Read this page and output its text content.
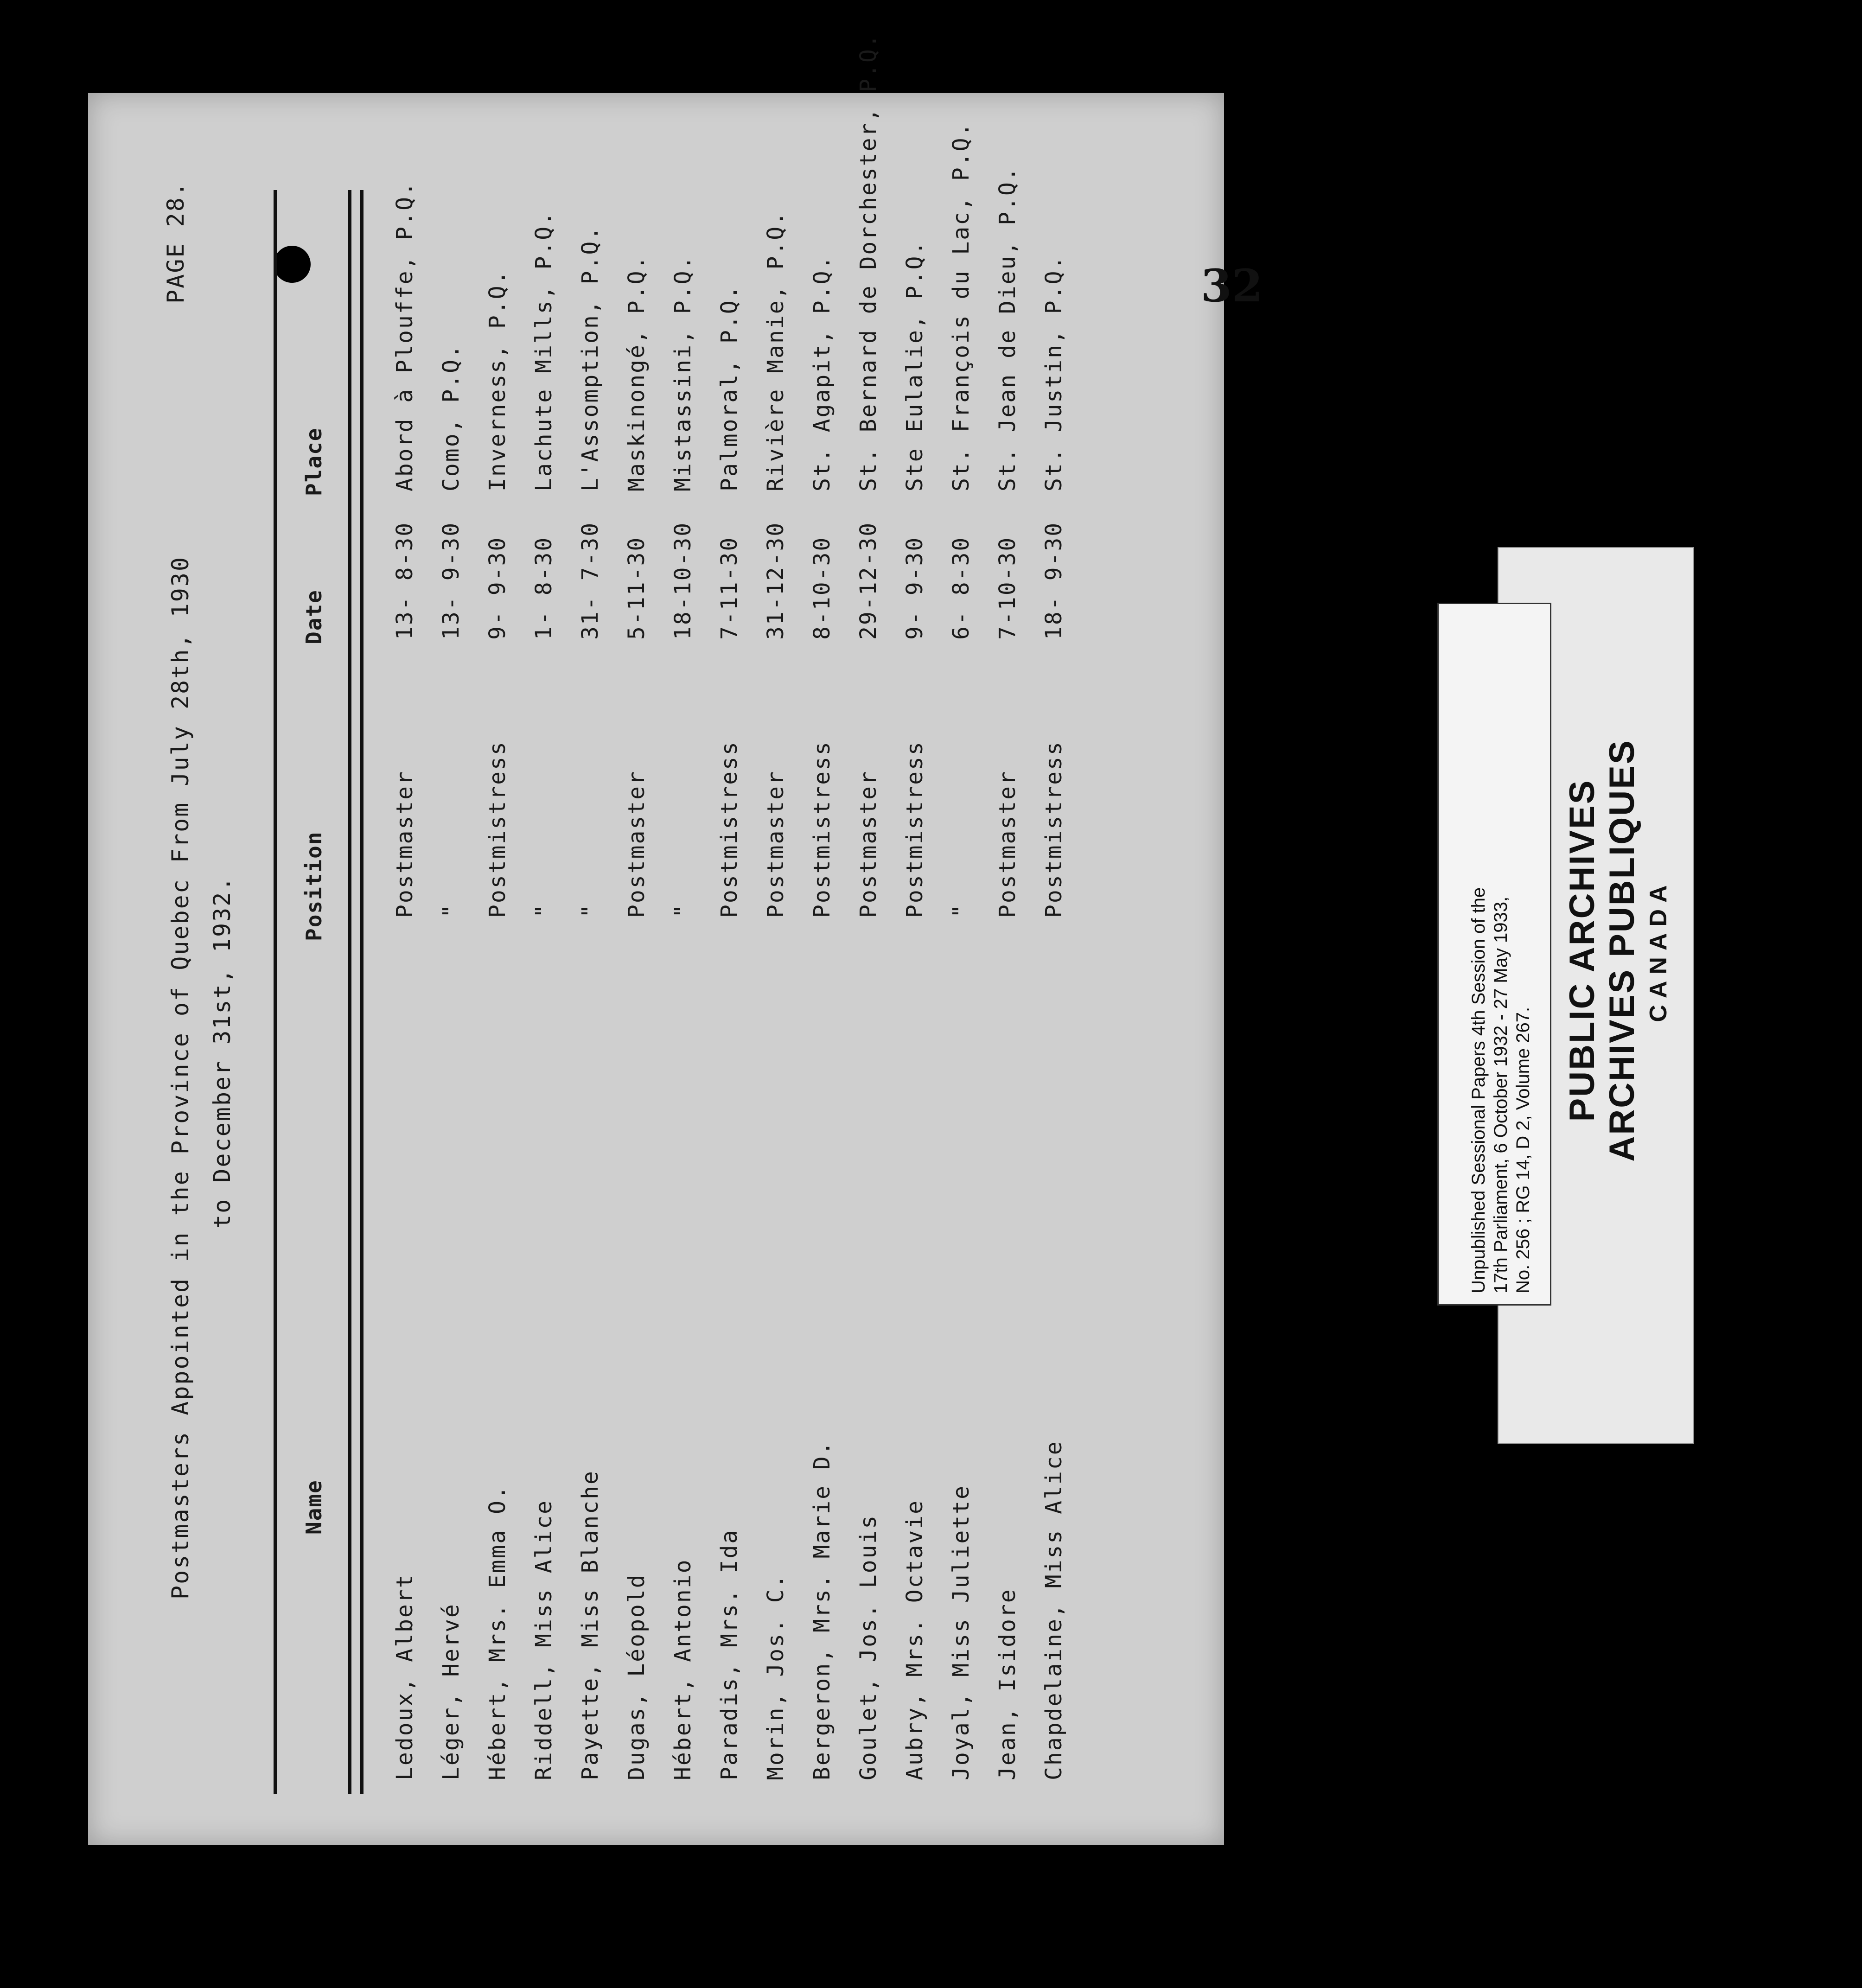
32
PAGE 28.
Postmasters Appointed in the Province of Quebec From July 28th, 1930 to December 31st, 1932.
Name
Position
Date
Place
Ledoux, Albert
Postmaster
13- 8-30
Abord à Plouffe, P.Q.
Léger, Hervé
"
13- 9-30
Como, P.Q.
Hébert, Mrs. Emma O.
Postmistress
9- 9-30
Inverness, P.Q.
Riddell, Miss Alice
"
1- 8-30
Lachute Mills, P.Q.
Payette, Miss Blanche
"
31- 7-30
L'Assomption, P.Q.
Dugas, Léopold
Postmaster
5-11-30
Maskinongé, P.Q.
Hébert, Antonio
"
18-10-30
Mistassini, P.Q.
Paradis, Mrs. Ida
Postmistress
7-11-30
Palmoral, P.Q.
Morin, Jos. C.
Postmaster
31-12-30
Rivière Manie, P.Q.
Bergeron, Mrs. Marie D.
Postmistress
8-10-30
St. Agapit, P.Q.
Goulet, Jos. Louis
Postmaster
29-12-30
St. Bernard de Dorchester, P.Q.
Aubry, Mrs. Octavie
Postmistress
9- 9-30
Ste Eulalie, P.Q.
Joyal, Miss Juliette
"
6- 8-30
St. François du Lac, P.Q.
Jean, Isidore
Postmaster
7-10-30
St. Jean de Dieu, P.Q.
Chapdelaine, Miss Alice
Postmistress
18- 9-30
St. Justin, P.Q.
Unpublished Sessional Papers 4th Session of the 17th Parliament, 6 October 1932 - 27 May 1933, No. 256 ; RG 14, D 2, Volume 267.
PUBLIC ARCHIVES ARCHIVES PUBLIQUES CANADA
